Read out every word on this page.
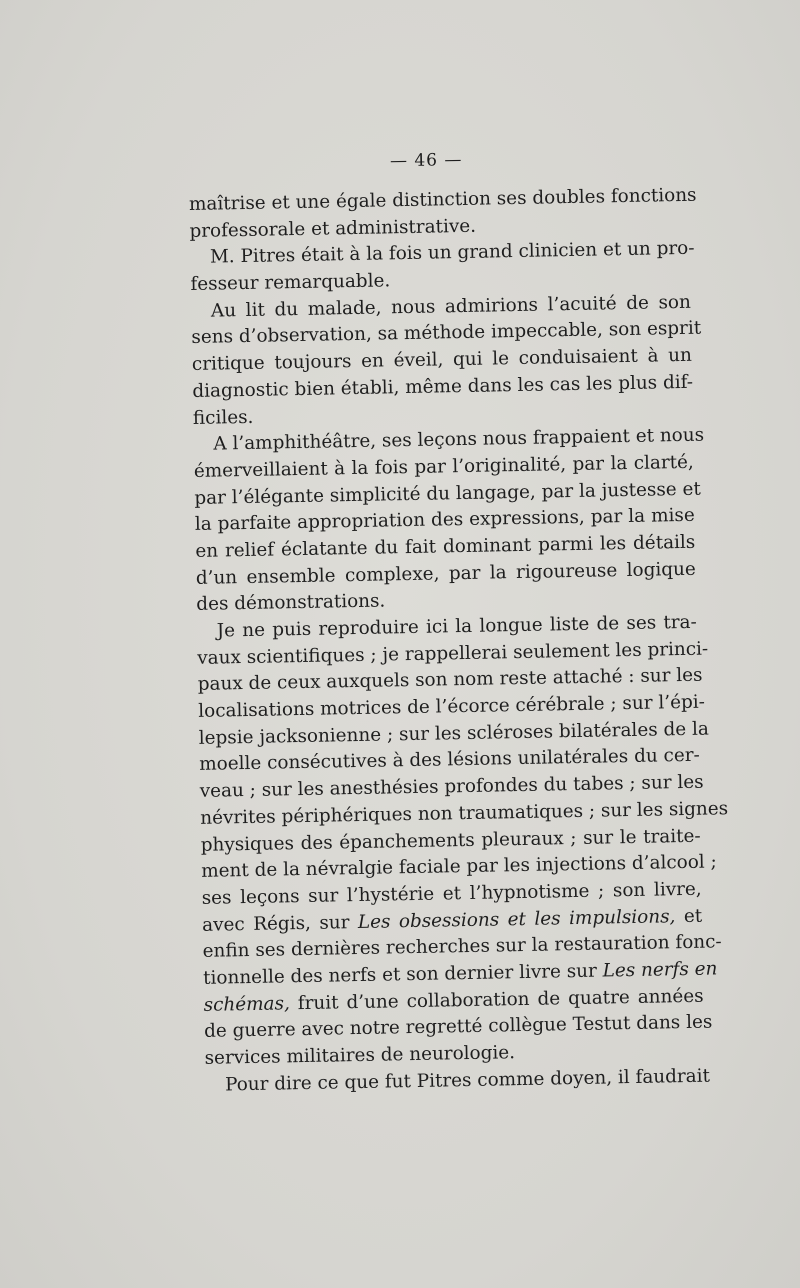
— 46 —
maîtrise et une égale distinction ses doubles fonctions
professorale et administrative.
M. Pitres était à la fois un grand clinicien et un pro-
fesseur remarquable.
Au lit du malade, nous admirions l’acuité de son
sens d’observation, sa méthode impeccable, son esprit
critique toujours en éveil, qui le conduisaient à un
diagnostic bien établi, même dans les cas les plus dif-
ficiles.
A l’amphithéâtre, ses leçons nous frappaient et nous
émerveillaient à la fois par l’originalité, par la clarté,
par l’élégante simplicité du langage, par la justesse et
la parfaite appropriation des expressions, par la mise
en relief éclatante du fait dominant parmi les détails
d’un ensemble complexe, par la rigoureuse logique
des démonstrations.
Je ne puis reproduire ici la longue liste de ses tra-
vaux scientifiques ; je rappellerai seulement les princi-
paux de ceux auxquels son nom reste attaché : sur les
localisations motrices de l’écorce cérébrale ; sur l’épi-
lepsie jacksonienne ; sur les scléroses bilatérales de la
moelle consécutives à des lésions unilatérales du cer-
veau ; sur les anesthésies profondes du tabes ; sur les
névrites périphériques non traumatiques ; sur les signes
physiques des épanchements pleuraux ; sur le traite-
ment de la névralgie faciale par les injections d’alcool ;
ses leçons sur l’hystérie et l’hypnotisme ; son livre,
avec Régis, sur Les obsessions et les impulsions, et
enfin ses dernières recherches sur la restauration fonc-
tionnelle des nerfs et son dernier livre sur Les nerfs en
schémas, fruit d’une collaboration de quatre années
de guerre avec notre regretté collègue Testut dans les
services militaires de neurologie.
Pour dire ce que fut Pitres comme doyen, il faudrait
